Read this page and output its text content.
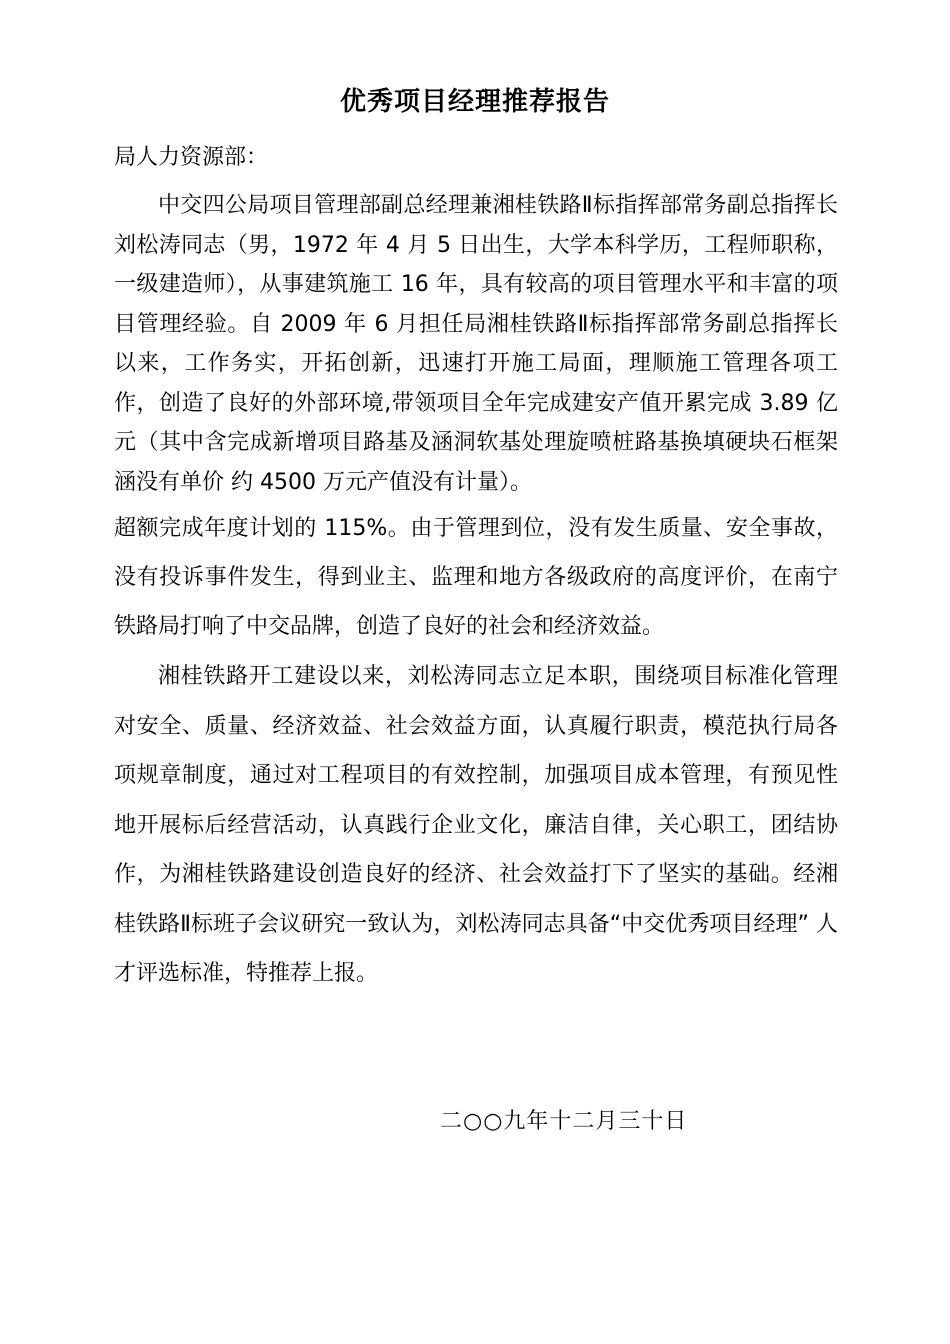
优秀项目经理推荐报告
局人力资源部：
中交四公局项目管理部副总经理兼湘桂铁路Ⅱ标指挥部常务副总指挥长刘松涛同志（男，1972 年 4 月 5 日出生，大学本科学历，工程师职称，一级建造师），从事建筑施工 16 年，具有较高的项目管理水平和丰富的项目管理经验。自 2009 年 6 月担任局湘桂铁路Ⅱ标指挥部常务副总指挥长以来，工作务实，开拓创新，迅速打开施工局面，理顺施工管理各项工作，创造了良好的外部环境,带领项目全年完成建安产值开累完成 3.89 亿元（其中含完成新增项目路基及涵洞软基处理旋喷桩路基换填硬块石框架涵没有单价 约 4500 万元产值没有计量）。
超额完成年度计划的 115%。由于管理到位，没有发生质量、安全事故，没有投诉事件发生，得到业主、监理和地方各级政府的高度评价，在南宁铁路局打响了中交品牌，创造了良好的社会和经济效益。
湘桂铁路开工建设以来，刘松涛同志立足本职，围绕项目标准化管理对安全、质量、经济效益、社会效益方面，认真履行职责，模范执行局各项规章制度，通过对工程项目的有效控制，加强项目成本管理，有预见性地开展标后经营活动，认真践行企业文化，廉洁自律，关心职工，团结协作，为湘桂铁路建设创造良好的经济、社会效益打下了坚实的基础。经湘桂铁路Ⅱ标班子会议研究一致认为，刘松涛同志具备“中交优秀项目经理” 人才评选标准，特推荐上报。
二○○九年十二月三十日
